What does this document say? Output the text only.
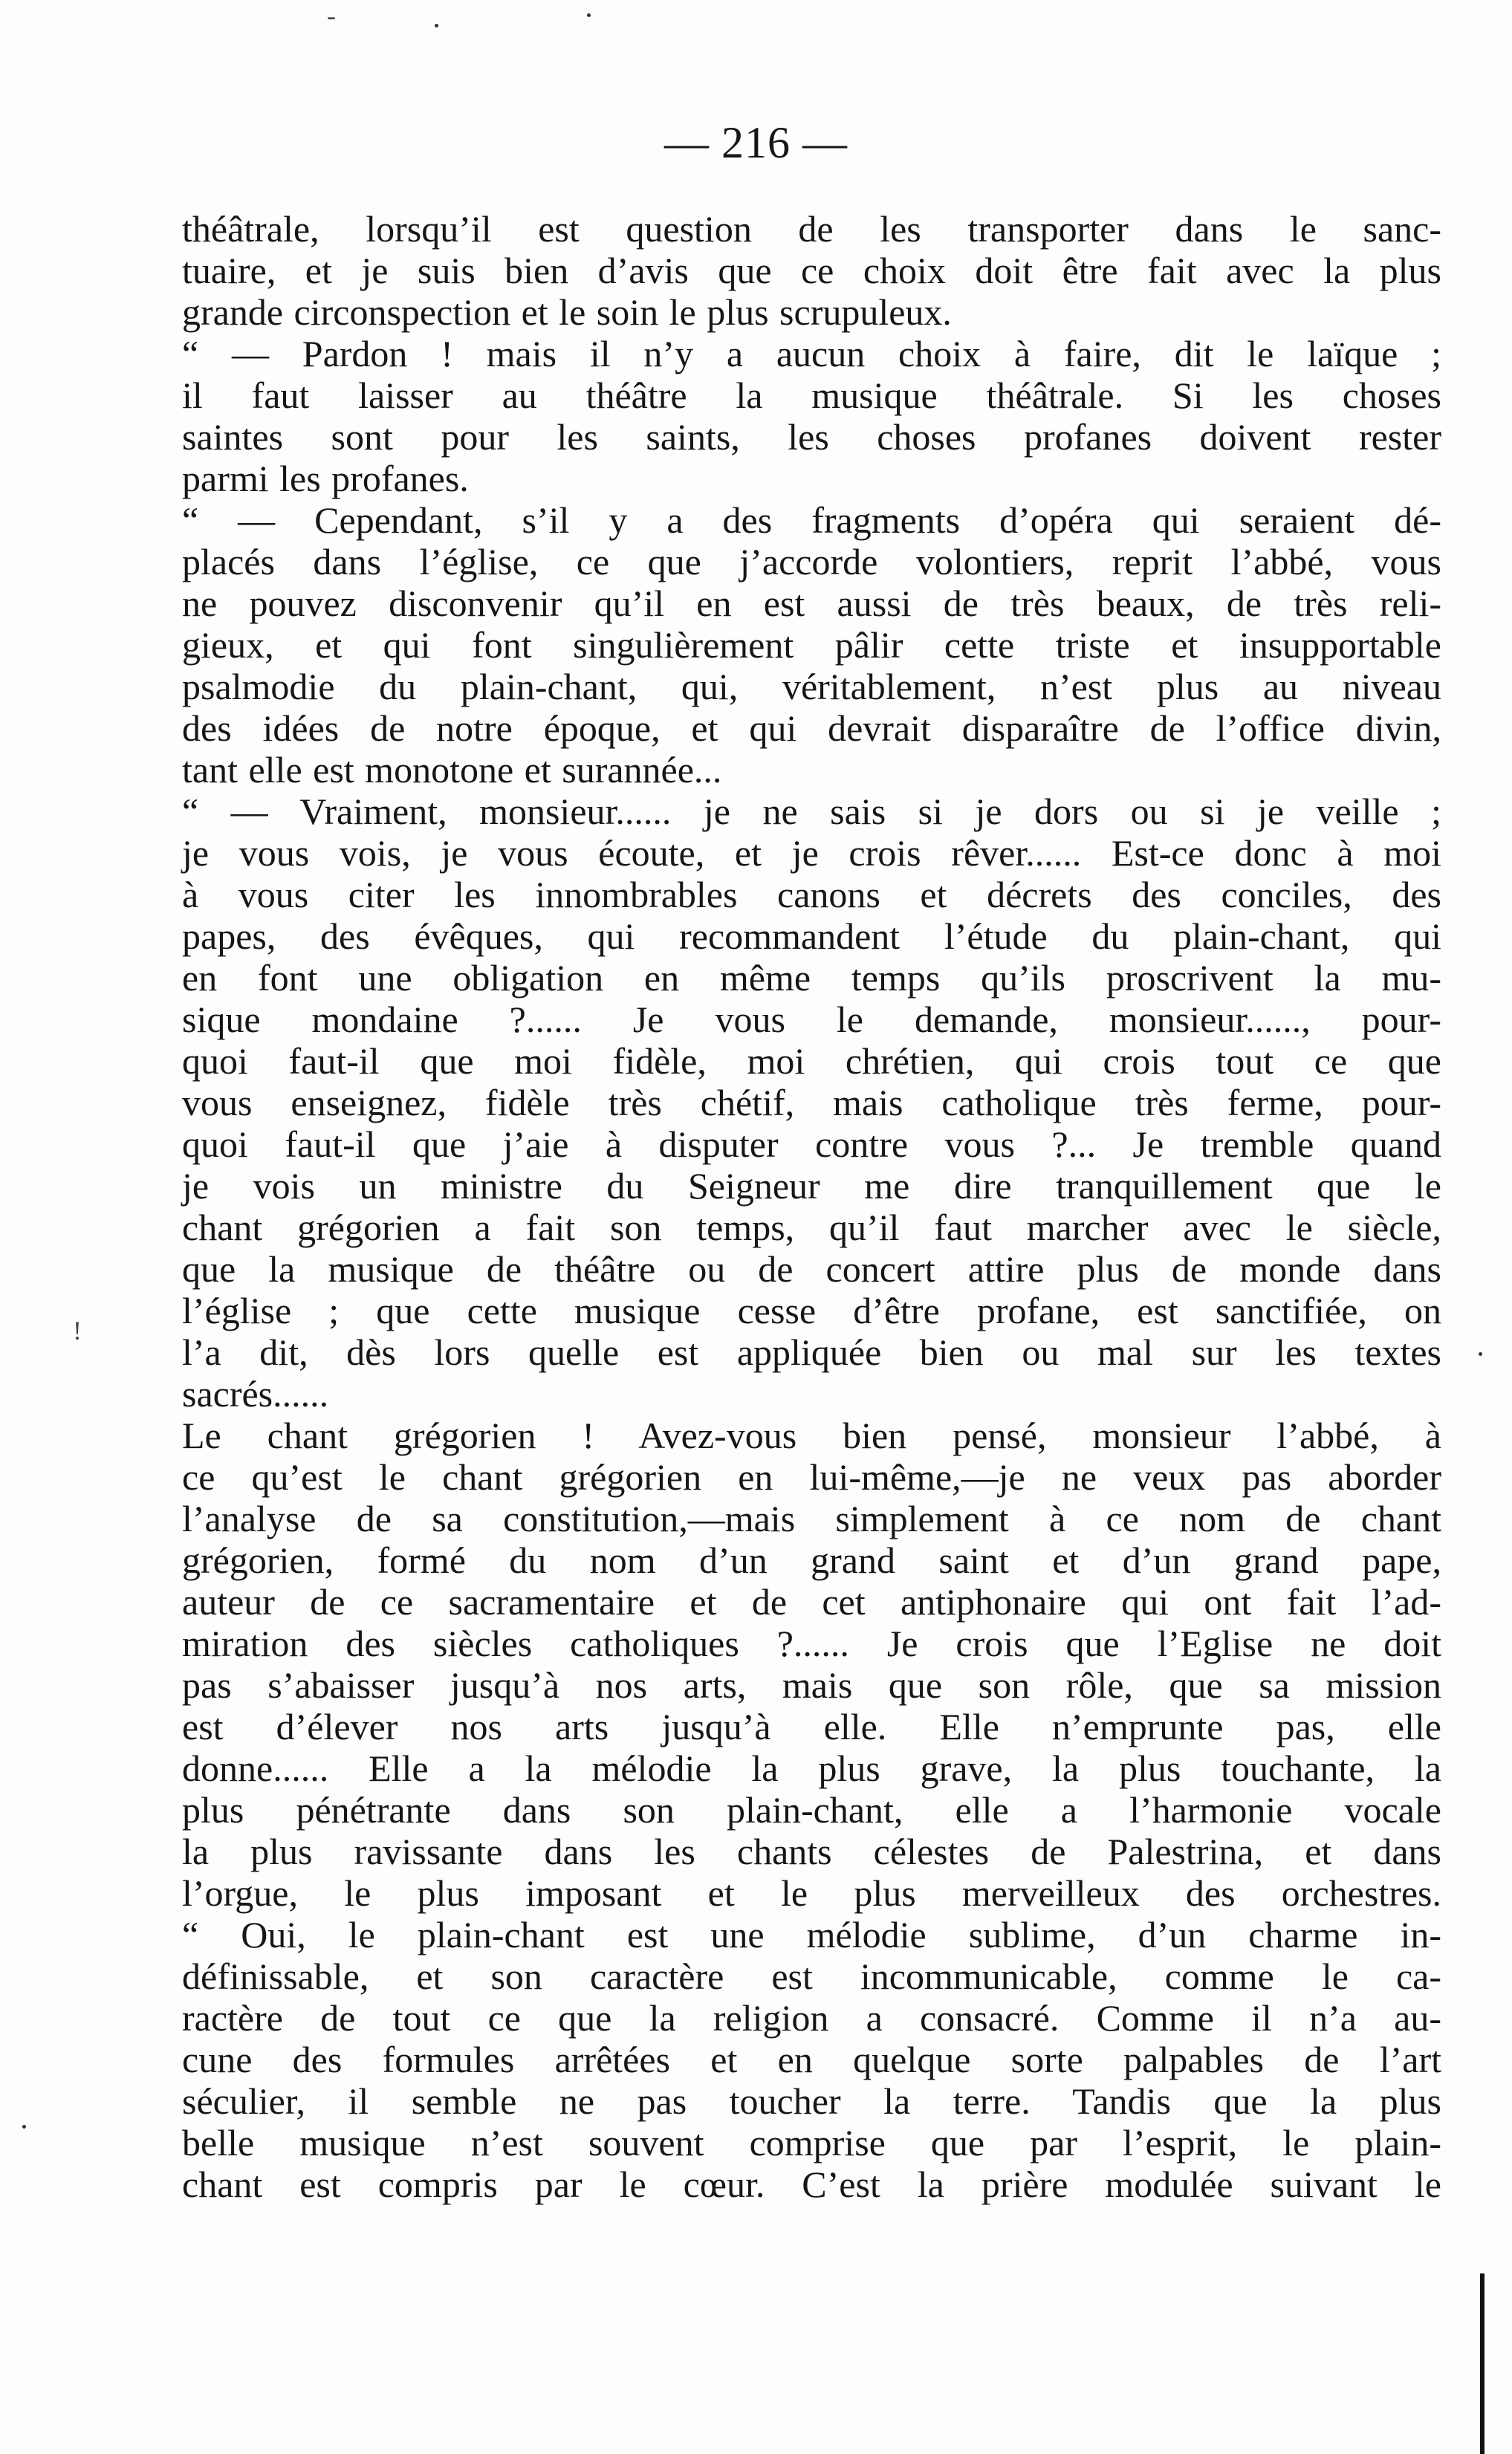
— 216 —
théâtrale, lorsqu’il est question de les transporter dans le sanc-
tuaire, et je suis bien d’avis que ce choix doit être fait avec la plus
grande circonspection et le soin le plus scrupuleux.
“ — Pardon ! mais il n’y a aucun choix à faire, dit le laïque ;
il faut laisser au théâtre la musique théâtrale. Si les choses
saintes sont pour les saints, les choses profanes doivent rester
parmi les profanes.
“ — Cependant, s’il y a des fragments d’opéra qui seraient dé-
placés dans l’église, ce que j’accorde volontiers, reprit l’abbé, vous
ne pouvez disconvenir qu’il en est aussi de très beaux, de très reli-
gieux, et qui font singulièrement pâlir cette triste et insupportable
psalmodie du plain-chant, qui, véritablement, n’est plus au niveau
des idées de notre époque, et qui devrait disparaître de l’office divin,
tant elle est monotone et surannée...
“ — Vraiment, monsieur...... je ne sais si je dors ou si je veille ;
je vous vois, je vous écoute, et je crois rêver...... Est-ce donc à moi
à vous citer les innombrables canons et décrets des conciles, des
papes, des évêques, qui recommandent l’étude du plain-chant, qui
en font une obligation en même temps qu’ils proscrivent la mu-
sique mondaine ?...... Je vous le demande, monsieur......, pour-
quoi faut-il que moi fidèle, moi chrétien, qui crois tout ce que
vous enseignez, fidèle très chétif, mais catholique très ferme, pour-
quoi faut-il que j’aie à disputer contre vous ?... Je tremble quand
je vois un ministre du Seigneur me dire tranquillement que le
chant grégorien a fait son temps, qu’il faut marcher avec le siècle,
que la musique de théâtre ou de concert attire plus de monde dans
l’église ; que cette musique cesse d’être profane, est sanctifiée, on
l’a dit, dès lors quelle est appliquée bien ou mal sur les textes
sacrés......
Le chant grégorien ! Avez-vous bien pensé, monsieur l’abbé, à
ce qu’est le chant grégorien en lui-même,—je ne veux pas aborder
l’analyse de sa constitution,—mais simplement à ce nom de chant
grégorien, formé du nom d’un grand saint et d’un grand pape,
auteur de ce sacramentaire et de cet antiphonaire qui ont fait l’ad-
miration des siècles catholiques ?...... Je crois que l’Eglise ne doit
pas s’abaisser jusqu’à nos arts, mais que son rôle, que sa mission
est d’élever nos arts jusqu’à elle. Elle n’emprunte pas, elle
donne...... Elle a la mélodie la plus grave, la plus touchante, la
plus pénétrante dans son plain-chant, elle a l’harmonie vocale
la plus ravissante dans les chants célestes de Palestrina, et dans
l’orgue, le plus imposant et le plus merveilleux des orchestres.
“ Oui, le plain-chant est une mélodie sublime, d’un charme in-
définissable, et son caractère est incommunicable, comme le ca-
ractère de tout ce que la religion a consacré. Comme il n’a au-
cune des formules arrêtées et en quelque sorte palpables de l’art
séculier, il semble ne pas toucher la terre. Tandis que la plus
belle musique n’est souvent comprise que par l’esprit, le plain-
chant est compris par le cœur. C’est la prière modulée suivant le
!
-
